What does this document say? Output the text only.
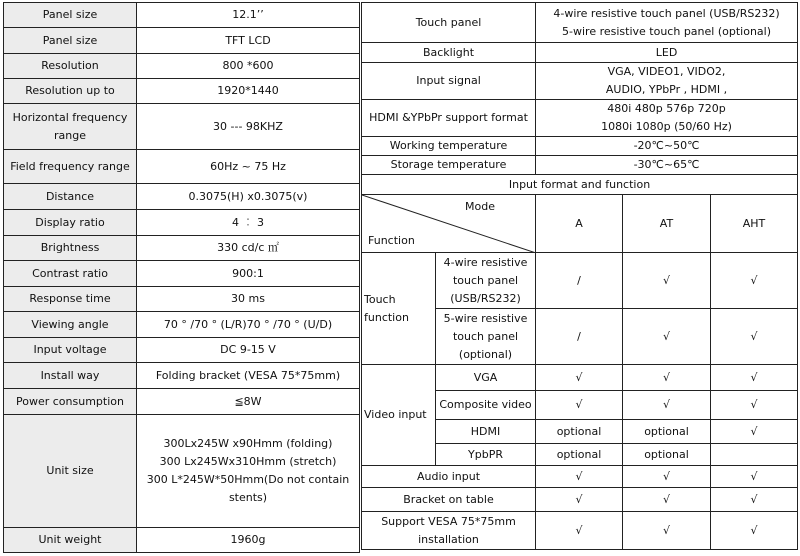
Panel size	12.1’’
Panel size	TFT LCD
Resolution	800 *600
Resolution up to	1920*1440
Horizontal frequency range	30 --- 98KHZ
Field frequency range	60Hz ~ 75 Hz
Distance	0.3075(H) x0.3075(v)
Display ratio	4 ︰ 3
Brightness	330 cd/c ㎡
Contrast ratio	900:1
Response time	30 ms
Viewing angle	70 ° /70 ° (L/R)70 ° /70 ° (U/D)
Input voltage	DC 9-15 V
Install way	Folding bracket (VESA 75*75mm)
Power consumption	≦8W
Unit size	300Lx245W x90Hmm (folding)
300 Lx245Wx310Hmm (stretch)
300 L*245W*50Hmm(Do not contain stents)

Unit weight	1960g
Touch panel		4-wire resistive touch panel (USB/RS232)
5-wire resistive touch panel (optional)		

Backlight		LED		
Input signal		VGA, VIDEO1, VIDO2,
AUDIO, YPbPr , HDMI ,		

HDMI &YPbPr support format		480i 480p 576p 720p
1080i 1080p (50/60 Hz)		

Working temperature		-20℃~50℃		
Storage temperature		-30℃~65℃		
Input format and function				

Mode
Function		A	AT	AHT
Touch function	4-wire resistive touch panel (USB/RS232)	/	√	√
	5-wire resistive touch panel (optional)	/	√	√
Video input	VGA	√	√	√
	Composite video	√	√	√
	HDMI	optional	optional	√
	YpbPR	optional	optional	
Audio input		√	√	√
Bracket on table		√	√	√
Support VESA 75*75mm installation		√	√	√
